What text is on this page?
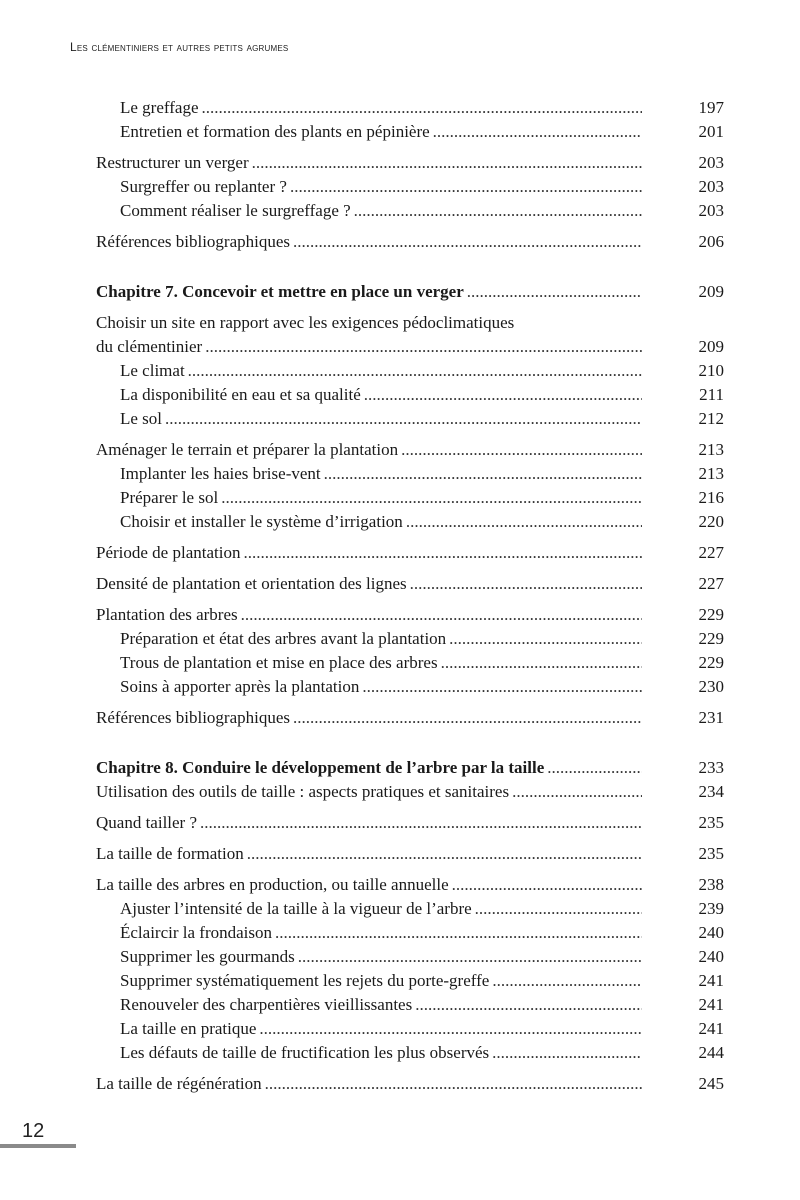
Les clémentiniers et autres petits agrumes
Le greffage .....	197
Entretien et formation des plants en pépinière .....	201
Restructurer un verger .....	203
Surgreffer ou replanter ? .....	203
Comment réaliser le surgreffage ? .....	203
Références bibliographiques .....	206
Chapitre 7. Concevoir et mettre en place un verger .....	209
Choisir un site en rapport avec les exigences pédoclimatiques
du clémentinier .....	209
Le climat .....	210
La disponibilité en eau et sa qualité .....	211
Le sol .....	212
Aménager le terrain et préparer la plantation .....	213
Implanter les haies brise-vent .....	213
Préparer le sol .....	216
Choisir et installer le système d’irrigation .....	220
Période de plantation .....	227
Densité de plantation et orientation des lignes .....	227
Plantation des arbres .....	229
Préparation et état des arbres avant la plantation .....	229
Trous de plantation et mise en place des arbres .....	229
Soins à apporter après la plantation .....	230
Références bibliographiques .....	231
Chapitre 8. Conduire le développement de l’arbre par la taille .....	233
Utilisation des outils de taille : aspects pratiques et sanitaires .....	234
Quand tailler ? .....	235
La taille de formation .....	235
La taille des arbres en production, ou taille annuelle .....	238
Ajuster l’intensité de la taille à la vigueur de l’arbre .....	239
Éclaircir la frondaison .....	240
Supprimer les gourmands .....	240
Supprimer systématiquement les rejets du porte-greffe .....	241
Renouveler des charpentières vieillissantes .....	241
La taille en pratique .....	241
Les défauts de taille de fructification les plus observés .....	244
La taille de régénération .....	245
12
